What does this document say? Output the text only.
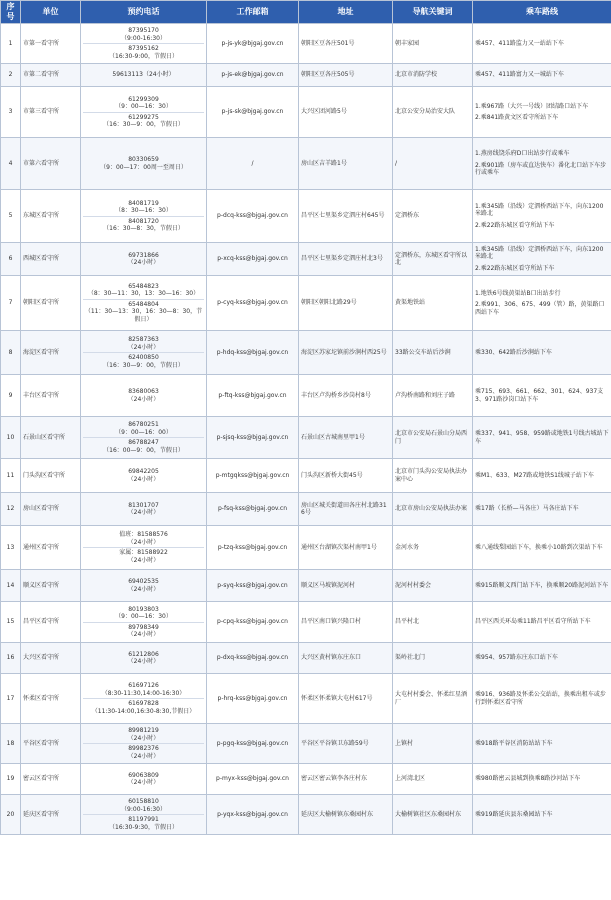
序号	单位	预约电话	工作邮箱	地址	导航关键词	乘车路线
1	市第一看守所	87395170
（9:00-16:30）
87395162
（16:30-9:00，节假日）	p-js-yk@bjgaj.gov.cn	朝阳区豆各庄501号	朝丰家园	乘457、411路监力又一站站下车

2	市第二看守所	59613113（24小时）	p-js-ek@bjgaj.gov.cn	朝阳区豆各庄505号	北京市消防学校	乘457、411路富力又一城站下车

3	市第三看守所	61299309
（9：00—16：30）
61299275
（16：30—9：00，节假日）	p-js-sk@bjgaj.gov.cn	大兴区团河路5号	北京公安分局治安大队	1.乘967路（大兴一号线）团结路口站下车
2.乘841路黄文区看守所站下车

4	市第六看守所	80330659
（9：00—17：00周一至周日）	/	房山区吉羊路1号	/	1.燕房线饶乐府D口出站步行或乘车
2.乘901路（房车或直达快车）番化北口站下车步行或乘车

5	东城区看守所	84081719
（8：30—16：30）
84081720
（16：30—8：30，节假日）	p-dcq-kss@bjgaj.gov.cn	昌平区七里渠乡定泗庄村645号	定泗桥东	1.乘345路（沿线）定泗桥西站下车，向东1200米路北
2.乘22路东城区看守所站下车

6	西城区看守所	69731866
（24小时）	p-xcq-kss@bjgaj.gov.cn	昌平区七里渠乡定泗庄村北3号	定泗桥东，东城区看守所以北	1.乘345路（沿线）定泗桥西站下车，向东1200米路北
2.乘22路东城区看守所站下车

7	朝阳区看守所	65484823
（8：30—11：30，13：30—16：30）
65484804
（11：30—13：30，16：30—8：30，节假日）	p-cyq-kss@bjgaj.gov.cn	朝阳区朝阳北路29号	黄渠地铁站	1.地铁6号线黄渠站B口出站步行
2.乘991、306、675、499（管）路，黄渠路口西站下车

8	海淀区看守所	82587363
（24小时）
62400850
（16：30—9：00，节假日）	p-hdq-kss@bjgaj.gov.cn	海淀区苏家坨镇前沙涧村西25号	33路公交车站后沙涧	乘330、642路后沙涧站下车

9	丰台区看守所	83680063
（24小时）	p-ftq-kss@bjgaj.gov.cn	丰台区卢沟桥乡沙岗村8号	卢沟桥南路和刘庄子路	乘715、693、661、662、301、624、937支3、971路沙岗口站下车

10	石景山区看守所	86780251
（9：00—16：00）
86788247
（16：00—9：00，节假日）	p-sjsq-kss@bjgaj.gov.cn	石景山区古城南里甲1号	北京市公安局石景山分局西门	乘337、941、958、959路或地铁1号线古城站下车

11	门头沟区看守所	69842205
（24小时）	p-mtgqkss@bjgaj.gov.cn	门头沟区新桥大街45号	北京市门头沟公安局执法办案中心	乘M1、633、M27路或地铁S1线城子站下车

12	房山区看守所	81301707
（24小时）	p-fsq-kss@bjgaj.gov.cn	房山区城关街道田各庄村北路316号	北京市房山公安局执法办案	乘17路（长桥—马各庄）马各庄站下车

13	通州区看守所	值班：81588576
（24小时）
家属：81588922
（24小时）	p-tzq-kss@bjgaj.gov.cn	通州区台湖镇次渠村南甲1号	金河水务	乘八通线梨园站下车，换乘小10路到次渠站下车

14	顺义区看守所	69402535
（24小时）	p-syq-kss@bjgaj.gov.cn	顺义区马坡镇泥河村	泥河村村委会	乘915路顺义西门站下车，换乘顺20路泥河站下车

15	昌平区看守所	80193803
（9：00—16：30）
89798349
（24小时）	p-cpq-kss@bjgaj.gov.cn	昌平区南口镇兴隆口村	昌平村北	昌平区西关环岛乘11路昌平区看守所站下车

16	大兴区看守所	61212806
（24小时）	p-dxq-kss@bjgaj.gov.cn	大兴区黄村镇东庄东口	渠岭社北门	乘954、957路东庄东口站下车

17	怀柔区看守所	61697126
（8:30-11:30,14:00-16:30）
61697828
（11:30-14:00,16:30-8:30,节假日）	p-hrq-kss@bjgaj.gov.cn	怀柔区怀柔镇大屯村617号	大屯村村委会、怀柔红星酒厂	乘916、936路及怀柔公交站站，换乘出租车或步行到怀柔区看守所

18	平谷区看守所	89981219
（24小时）
89982376
（24小时）	p-pgq-kss@bjgaj.gov.cn	平谷区平谷镇卫东路59号	上镇村	乘918路平谷区消防站站下车

19	密云区看守所	69063809
（24小时）	p-myx-kss@bjgaj.gov.cn	密云区密云镇李各庄村东	上河湾北区	乘980路密云县城到换乘8路沙河站下车

20	延庆区看守所	60158810
（9:00-16:30）
81197991
（16:30-9:30，节假日）	p-yqx-kss@bjgaj.gov.cn	延庆区大榆树镇东桑园村东	大榆树镇社区东桑园村东	乘919路延庆县东桑园站下车
